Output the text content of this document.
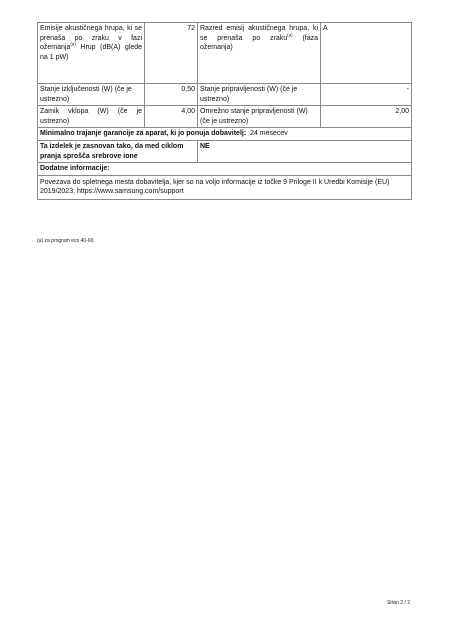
Emisije akustičnega hrupa, ki se prenaša po zraku v fazi ožemanja$^{(a)}$ Hrup (dB(A) glede na 1 pW)	72	Razred emisij akustičnega hrupa, ki se prenaša po zraku$^{(a)}$ (faza ožemanja)	A
Stanje izključenosti (W) (če je ustrezno)	0,50	Stanje pripravljenosti (W) (če je ustrezno)	-
Zamik vklopa (W) (če je ustrezno)	4,00	Omrežno stanje pripravljenosti (W) (če je ustrezno)	2,00
Minimalno trajanje garancije za aparat, ki jo ponuja dobavitelj: 24 mesecev			
Ta izdelek je zasnovan tako, da med ciklom pranja sprošča srebrove ione		NE	
Dodatne informacije:			
Povezava do spletnega mesta dobavitelja, kjer so na voljo informacije iz točke 9 Priloge II k Uredbi Komisije (EU) 2019/2023: https://www.samsung.com/support			
(a) za program eco 40-60.
Stran 2 / 2
